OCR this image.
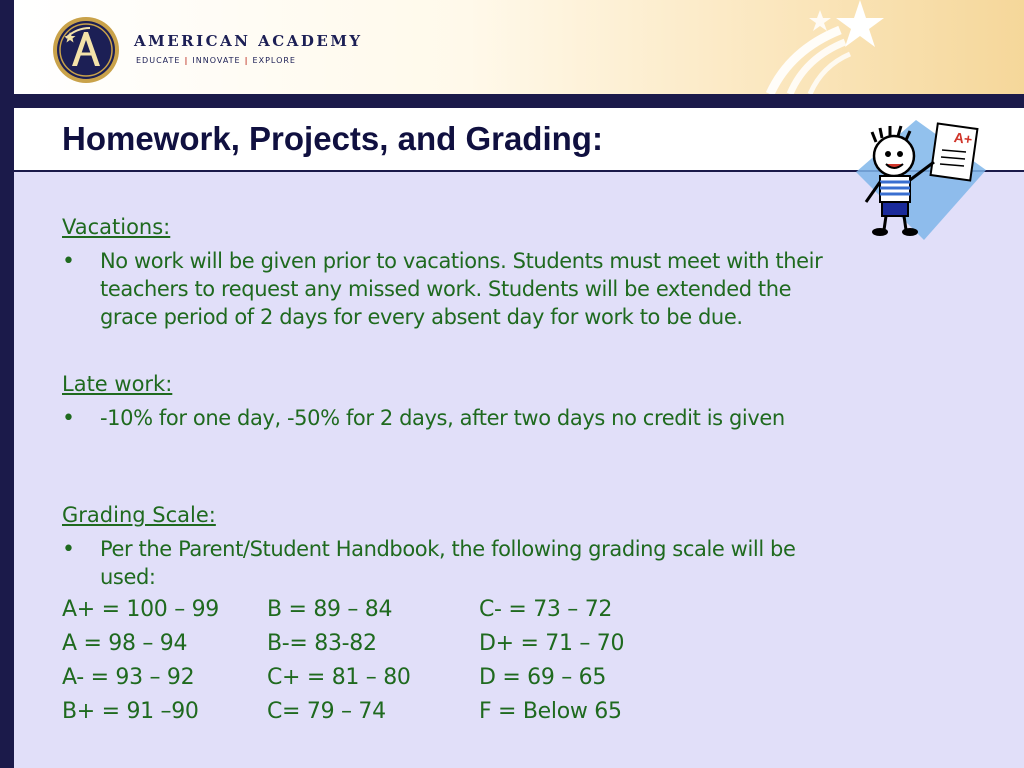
AMERICAN ACADEMY
EDUCATE | INNOVATE | EXPLORE
Homework, Projects, and Grading:	A+
Vacations:
• No work will be given prior to vacations. Students must meet with their
teachers to request any missed work. Students will be extended the
grace period of 2 days for every absent day for work to be due.
Late work:
• -10% for one day, -50% for 2 days, after two days no credit is given
Grading Scale:
• Per the Parent/Student Handbook, the following grading scale will be
used:
A+ = 100 – 99
A = 98 – 94
A- = 93 – 92
B+ = 91 –90
B = 89 – 84
B-= 83-82
C+ = 81 – 80
C= 79 – 74
C- = 73 – 72
D+ = 71 – 70
D = 69 – 65
F = Below 65
